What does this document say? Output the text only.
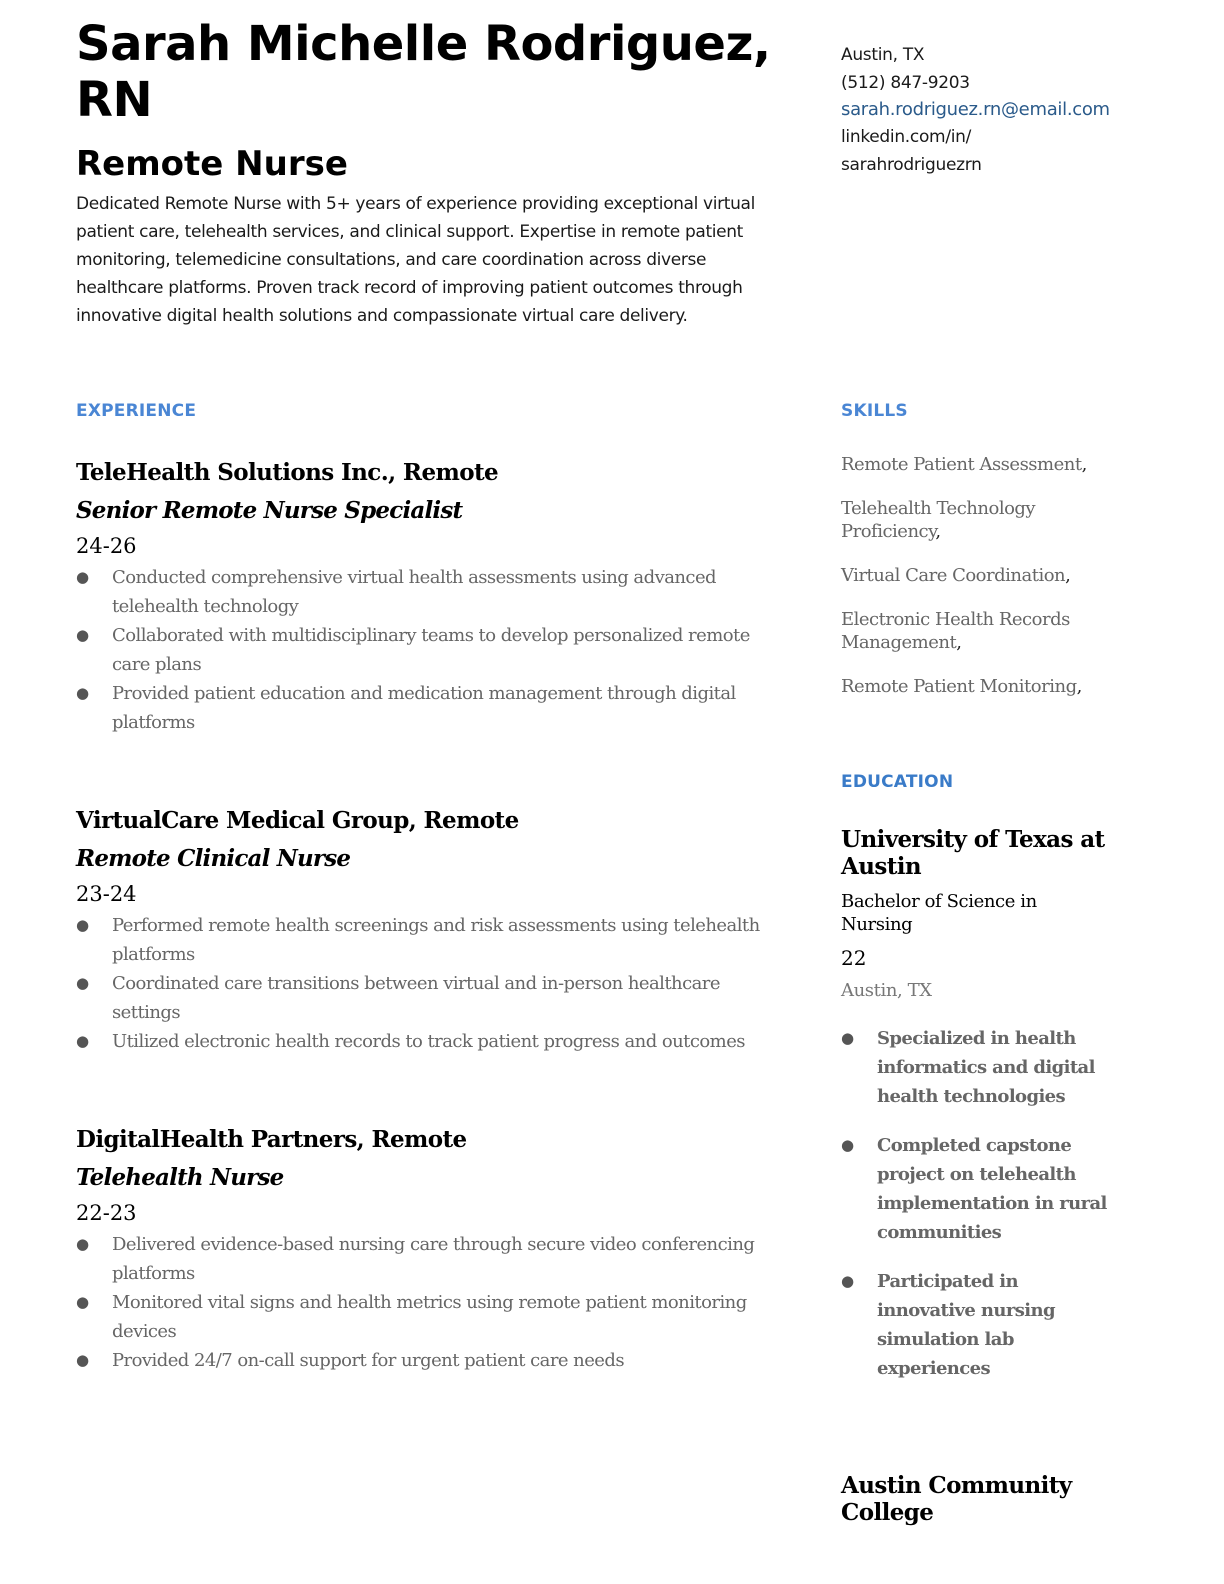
Sarah Michelle Rodriguez, RN
Remote Nurse

Dedicated Remote Nurse with 5+ years of experience providing exceptional virtual patient care, telehealth services, and clinical support. Expertise in remote patient monitoring, telemedicine consultations, and care coordination across diverse healthcare platforms. Proven track record of improving patient outcomes through innovative digital health solutions and compassionate virtual care delivery.

EXPERIENCE

TeleHealth Solutions Inc., Remote

Senior Remote Nurse Specialist

24-26

● Conducted comprehensive virtual health assessments using advanced telehealth technology
● Collaborated with multidisciplinary teams to develop personalized remote care plans
● Provided patient education and medication management through digital platforms

VirtualCare Medical Group, Remote

Remote Clinical Nurse

23-24

● Performed remote health screenings and risk assessments using telehealth platforms
● Coordinated care transitions between virtual and in-person healthcare settings
● Utilized electronic health records to track patient progress and outcomes

DigitalHealth Partners, Remote

Telehealth Nurse

22-23

● Delivered evidence-based nursing care through secure video conferencing platforms
● Monitored vital signs and health metrics using remote patient monitoring devices
● Provided 24/7 on-call support for urgent patient care needs
Austin, TX
(512) 847-9203
sarah.rodriguez.rn@email.com
linkedin.com/in/
sarahrodriguezrn
SKILLS
Remote Patient Assessment,
Telehealth Technology Proficiency,
Virtual Care Coordination,
Electronic Health Records Management,
Remote Patient Monitoring,
EDUCATION

University of Texas at Austin

Bachelor of Science in Nursing

22

Austin, TX

● Specialized in health informatics and digital health technologies
● Completed capstone project on telehealth implementation in rural communities
● Participated in innovative nursing simulation lab experiences

Austin Community College
